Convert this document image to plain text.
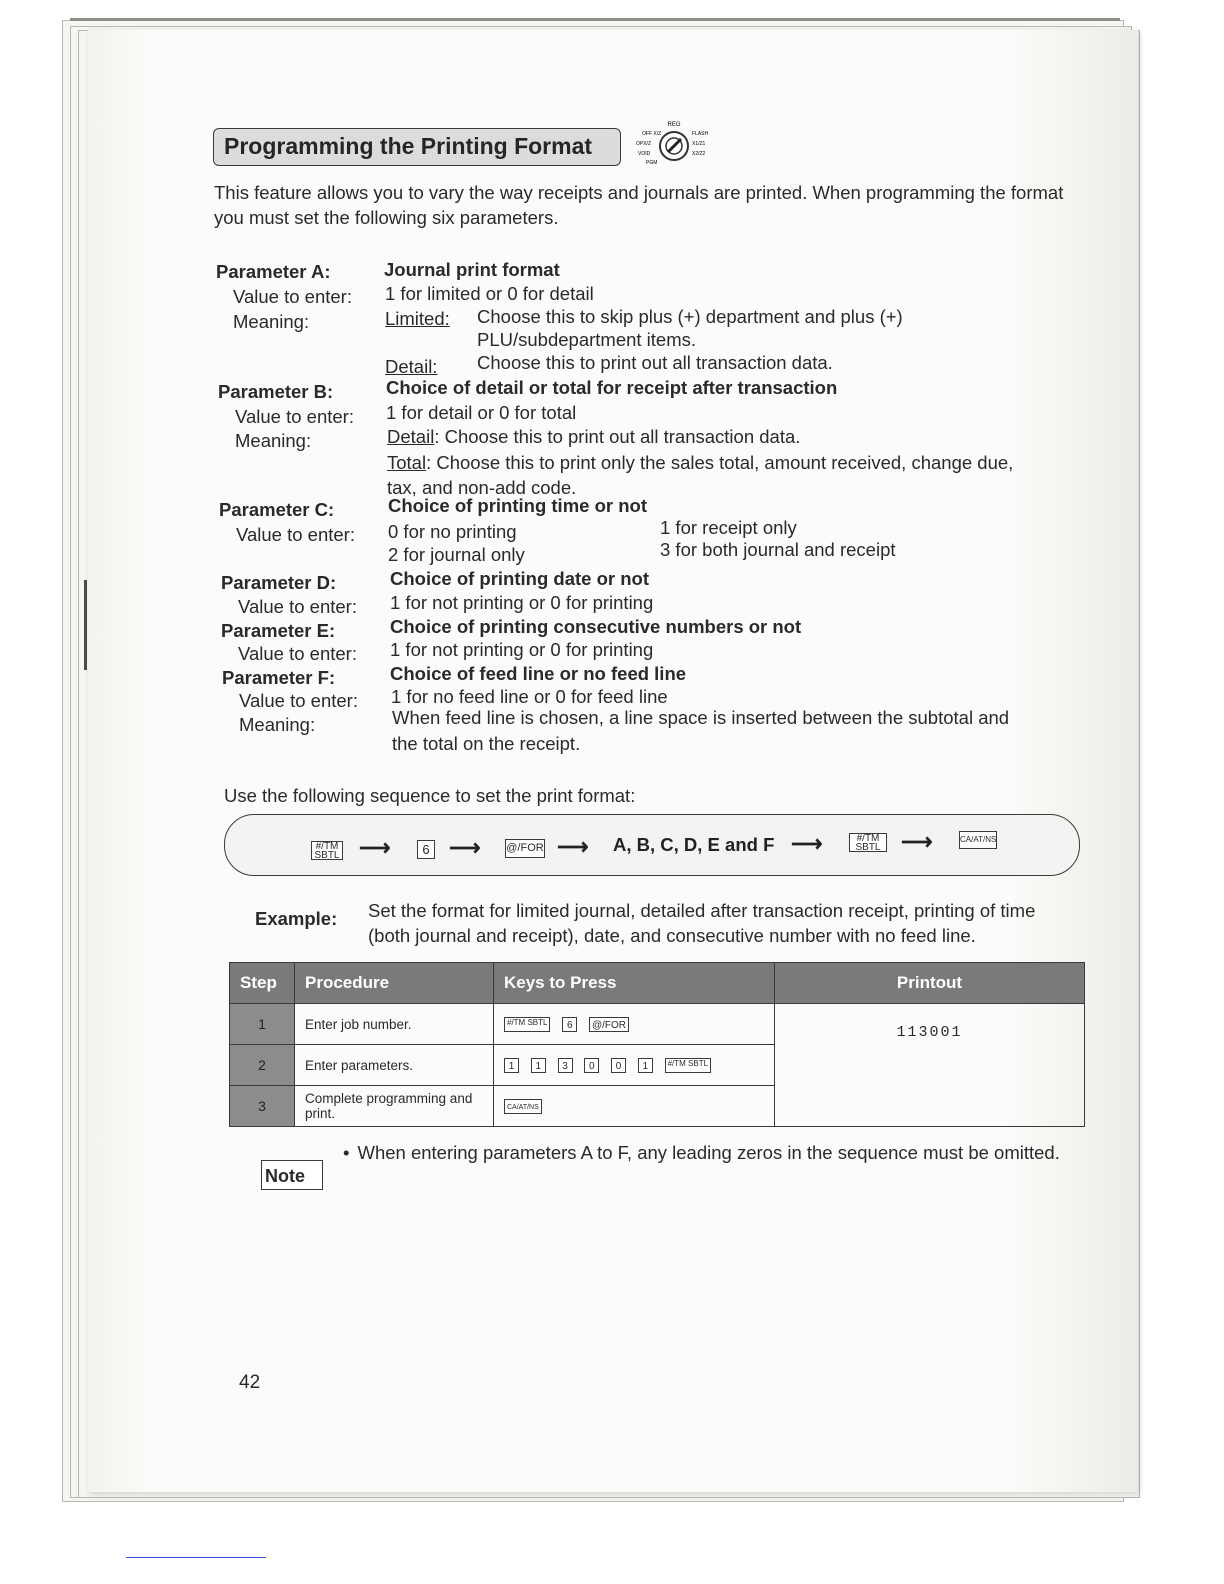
Programming the Printing Format
REG
OFF X/Z	FLASH
OPX/Z	X1/Z1
VOID	X2/Z2
PGM
This feature allows you to vary the way receipts and journals are printed. When programming the format you must set the following six parameters.
Parameter A:	Journal print format
Value to enter: 1 for limited or 0 for detail
Meaning:	Limited: Choose this to skip plus (+) department and plus (+)
PLU/subdepartment items.
Detail: Choose this to print out all transaction data.
Parameter B:	Choice of detail or total for receipt after transaction
Value to enter: 1 for detail or 0 for total
Meaning:	Detail: Choose this to print out all transaction data.
Total: Choose this to print only the sales total, amount received, change due,
tax, and non-add code.
Parameter C:	Choice of printing time or not
Value to enter: 0 for no printing	1 for receipt only
2 for journal only	3 for both journal and receipt
Parameter D:	Choice of printing date or not
Value to enter: 1 for not printing or 0 for printing
Parameter E:	Choice of printing consecutive numbers or not
Value to enter: 1 for not printing or 0 for printing
Parameter F:	Choice of feed line or no feed line
Value to enter: 1 for no feed line or 0 for feed line
Meaning:	When feed line is chosen, a line space is inserted between the subtotal and
the total on the receipt.
Use the following sequence to set the print format:
#/TM
SBTL ⟶	6 ⟶ @/FOR ⟶ A, B, C, D, E and F ⟶	#/TM
SBTL ⟶	CA/AT/NS
Example: Set the format for limited journal, detailed after transaction receipt, printing of time (both journal and receipt), date, and consecutive number with no feed line.
Step	Procedure	Keys to Press	Printout
1	Enter job number.	#/TM SBTL 6 @/FOR	113001
2	Enter parameters.	1 1 3 0 0 1 #/TM SBTL	
3	Complete programming and print.	CA/AT/NS	
Note
• When entering parameters A to F, any leading zeros in the sequence must be omitted.
42
